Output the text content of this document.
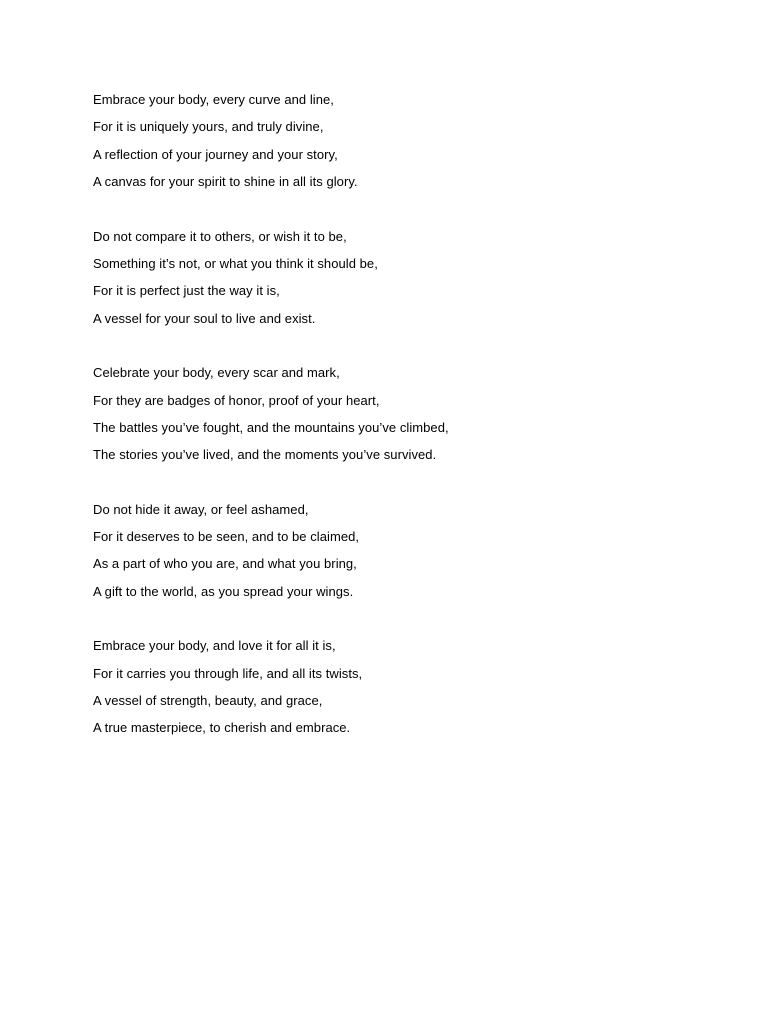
Embrace your body, every curve and line,
For it is uniquely yours, and truly divine,
A reflection of your journey and your story,
A canvas for your spirit to shine in all its glory.
Do not compare it to others, or wish it to be,
Something it’s not, or what you think it should be,
For it is perfect just the way it is,
A vessel for your soul to live and exist.
Celebrate your body, every scar and mark,
For they are badges of honor, proof of your heart,
The battles you’ve fought, and the mountains you’ve climbed,
The stories you’ve lived, and the moments you’ve survived.
Do not hide it away, or feel ashamed,
For it deserves to be seen, and to be claimed,
As a part of who you are, and what you bring,
A gift to the world, as you spread your wings.
Embrace your body, and love it for all it is,
For it carries you through life, and all its twists,
A vessel of strength, beauty, and grace,
A true masterpiece, to cherish and embrace.
